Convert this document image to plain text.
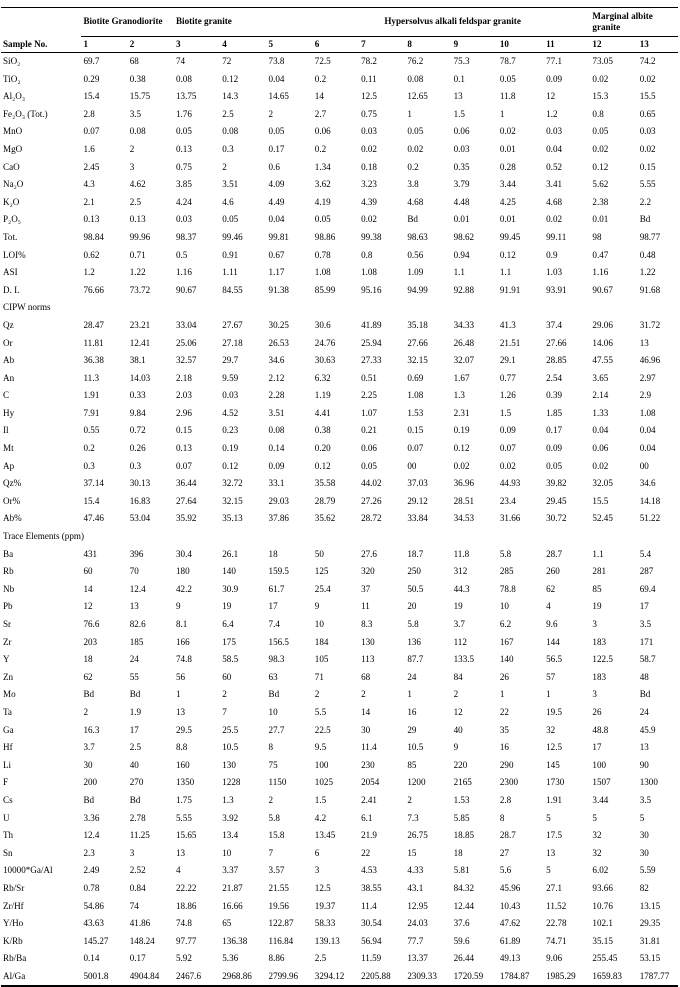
	Biotite Granodiorite		Biotite granite			Hypersolvus alkali feldspar granite						Marginal albite granite	
Sample No.	1	2	3	4	5	6	7	8	9	10	11	12	13
SiO₂	69.7	68	74	72	73.8	72.5	78.2	76.2	75.3	78.7	77.1	73.05	74.2
TiO₂	0.29	0.38	0.08	0.12	0.04	0.2	0.11	0.08	0.1	0.05	0.09	0.02	0.02
Al₂O₃	15.4	15.75	13.75	14.3	14.65	14	12.5	12.65	13	11.8	12	15.3	15.5
Fe₂O₃ (Tot.)	2.8	3.5	1.76	2.5	2	2.7	0.75	1	1.5	1	1.2	0.8	0.65
MnO	0.07	0.08	0.05	0.08	0.05	0.06	0.03	0.05	0.06	0.02	0.03	0.05	0.03
MgO	1.6	2	0.13	0.3	0.17	0.2	0.02	0.02	0.03	0.01	0.04	0.02	0.02
CaO	2.45	3	0.75	2	0.6	1.34	0.18	0.2	0.35	0.28	0.52	0.12	0.15
Na₂O	4.3	4.62	3.85	3.51	4.09	3.62	3.23	3.8	3.79	3.44	3.41	5.62	5.55
K₂O	2.1	2.5	4.24	4.6	4.49	4.19	4.39	4.68	4.48	4.25	4.68	2.38	2.2
P₂O₅	0.13	0.13	0.03	0.05	0.04	0.05	0.02	Bd	0.01	0.01	0.02	0.01	Bd
Tot.	98.84	99.96	98.37	99.46	99.81	98.86	99.38	98.63	98.62	99.45	99.11	98	98.77
LOI%	0.62	0.71	0.5	0.91	0.67	0.78	0.8	0.56	0.94	0.12	0.9	0.47	0.48
ASI	1.2	1.22	1.16	1.11	1.17	1.08	1.08	1.09	1.1	1.1	1.03	1.16	1.22
D. I.	76.66	73.72	90.67	84.55	91.38	85.99	95.16	94.99	92.88	91.91	93.91	90.67	91.68
CIPW norms													
Qz	28.47	23.21	33.04	27.67	30.25	30.6	41.89	35.18	34.33	41.3	37.4	29.06	31.72
Or	11.81	12.41	25.06	27.18	26.53	24.76	25.94	27.66	26.48	21.51	27.66	14.06	13
Ab	36.38	38.1	32.57	29.7	34.6	30.63	27.33	32.15	32.07	29.1	28.85	47.55	46.96
An	11.3	14.03	2.18	9.59	2.12	6.32	0.51	0.69	1.67	0.77	2.54	3.65	2.97
C	1.91	0.33	2.03	0.03	2.28	1.19	2.25	1.08	1.3	1.26	0.39	2.14	2.9
Hy	7.91	9.84	2.96	4.52	3.51	4.41	1.07	1.53	2.31	1.5	1.85	1.33	1.08
Il	0.55	0.72	0.15	0.23	0.08	0.38	0.21	0.15	0.19	0.09	0.17	0.04	0.04
Mt	0.2	0.26	0.13	0.19	0.14	0.20	0.06	0.07	0.12	0.07	0.09	0.06	0.04
Ap	0.3	0.3	0.07	0.12	0.09	0.12	0.05	00	0.02	0.02	0.05	0.02	00
Qz%	37.14	30.13	36.44	32.72	33.1	35.58	44.02	37.03	36.96	44.93	39.82	32.05	34.6
Or%	15.4	16.83	27.64	32.15	29.03	28.79	27.26	29.12	28.51	23.4	29.45	15.5	14.18
Ab%	47.46	53.04	35.92	35.13	37.86	35.62	28.72	33.84	34.53	31.66	30.72	52.45	51.22
Trace Elements (ppm)													
Ba	431	396	30.4	26.1	18	50	27.6	18.7	11.8	5.8	28.7	1.1	5.4
Rb	60	70	180	140	159.5	125	320	250	312	285	260	281	287
Nb	14	12.4	42.2	30.9	61.7	25.4	37	50.5	44.3	78.8	62	85	69.4
Pb	12	13	9	19	17	9	11	20	19	10	4	19	17
Sr	76.6	82.6	8.1	6.4	7.4	10	8.3	5.8	3.7	6.2	9.6	3	3.5
Zr	203	185	166	175	156.5	184	130	136	112	167	144	183	171
Y	18	24	74.8	58.5	98.3	105	113	87.7	133.5	140	56.5	122.5	58.7
Zn	62	55	56	60	63	71	68	24	84	26	57	183	48
Mo	Bd	Bd	1	2	Bd	2	2	1	2	1	1	3	Bd
Ta	2	1.9	13	7	10	5.5	14	16	12	22	19.5	26	24
Ga	16.3	17	29.5	25.5	27.7	22.5	30	29	40	35	32	48.8	45.9
Hf	3.7	2.5	8.8	10.5	8	9.5	11.4	10.5	9	16	12.5	17	13
Li	30	40	160	130	75	100	230	85	220	290	145	100	90
F	200	270	1350	1228	1150	1025	2054	1200	2165	2300	1730	1507	1300
Cs	Bd	Bd	1.75	1.3	2	1.5	2.41	2	1.53	2.8	1.91	3.44	3.5
U	3.36	2.78	5.55	3.92	5.8	4.2	6.1	7.3	5.85	8	5	5	5
Th	12.4	11.25	15.65	13.4	15.8	13.45	21.9	26.75	18.85	28.7	17.5	32	30
Sn	2.3	3	13	10	7	6	22	15	18	27	13	32	30
10000*Ga/Al	2.49	2.52	4	3.37	3.57	3	4.53	4.33	5.81	5.6	5	6.02	5.59
Rb/Sr	0.78	0.84	22.22	21.87	21.55	12.5	38.55	43.1	84.32	45.96	27.1	93.66	82
Zr/Hf	54.86	74	18.86	16.66	19.56	19.37	11.4	12.95	12.44	10.43	11.52	10.76	13.15
Y/Ho	43.63	41.86	74.8	65	122.87	58.33	30.54	24.03	37.6	47.62	22.78	102.1	29.35
K/Rb	145.27	148.24	97.77	136.38	116.84	139.13	56.94	77.7	59.6	61.89	74.71	35.15	31.81
Rb/Ba	0.14	0.17	5.92	5.36	8.86	2.5	11.59	13.37	26.44	49.13	9.06	255.45	53.15
Al/Ga	5001.8	4904.84	2467.6	2968.86	2799.96	3294.12	2205.88	2309.33	1720.59	1784.87	1985.29	1659.83	1787.77
